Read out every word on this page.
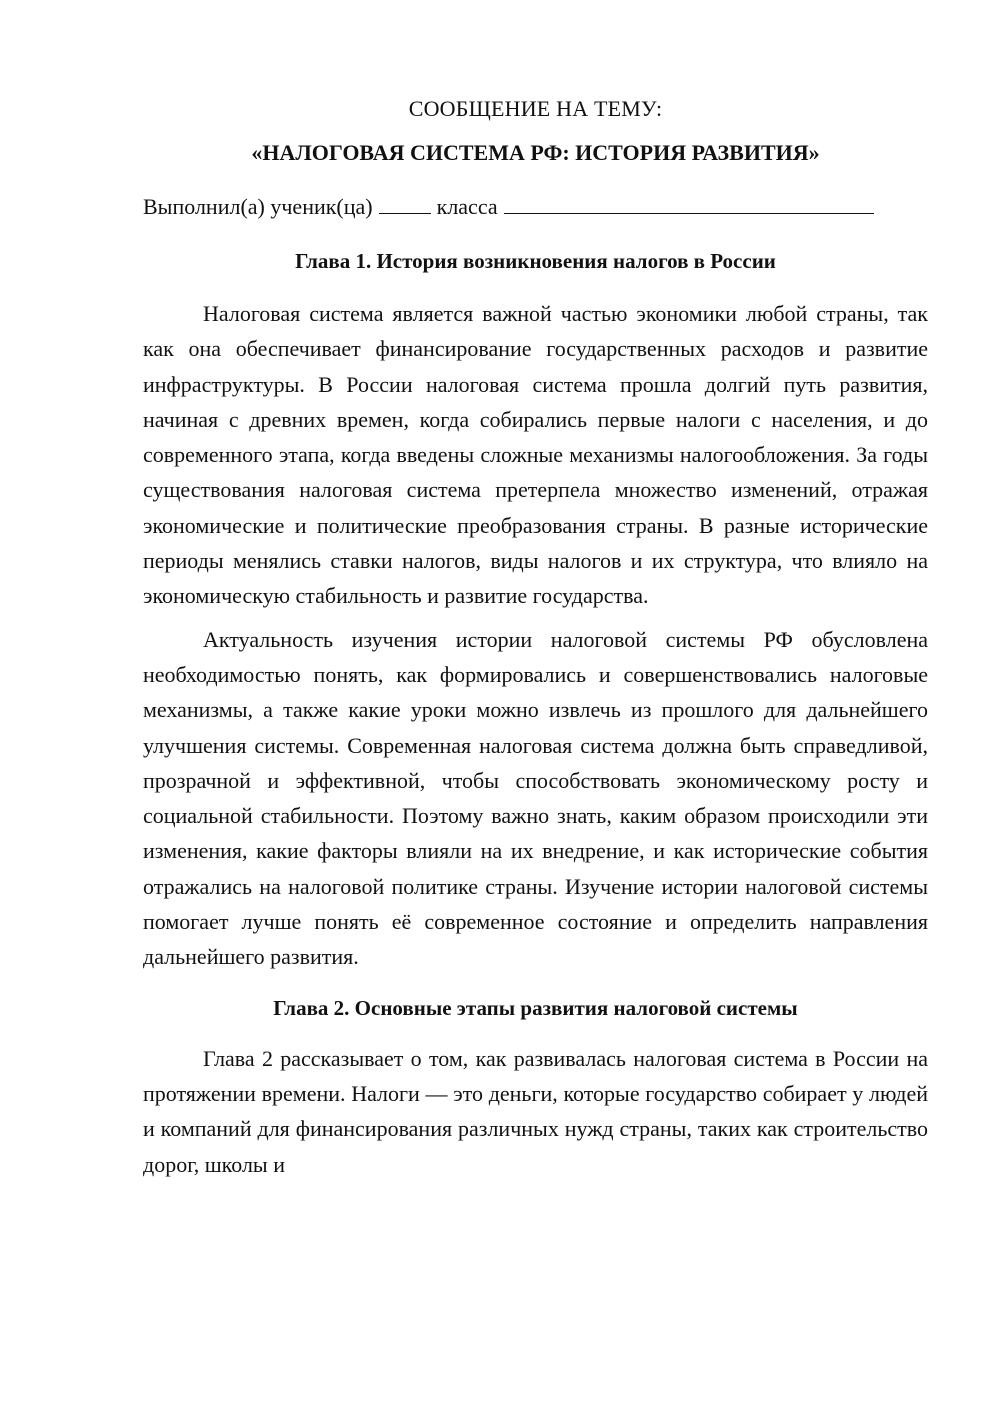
СООБЩЕНИЕ НА ТЕМУ:

«НАЛОГОВАЯ СИСТЕМА РФ: ИСТОРИЯ РАЗВИТИЯ»

Выполнил(а) ученик(ца)	класса

Глава 1. История возникновения налогов в России

Налоговая система является важной частью экономики любой страны, так как она обеспечивает финансирование государственных расходов и развитие инфраструктуры. В России налоговая система прошла долгий путь развития, начиная с древних времен, когда собирались первые налоги с населения, и до современного этапа, когда введены сложные механизмы налогообложения. За годы существования налоговая система претерпела множество изменений, отражая экономические и политические преобразования страны. В разные исторические периоды менялись ставки налогов, виды налогов и их структура, что влияло на экономическую стабильность и развитие государства.

Актуальность изучения истории налоговой системы РФ обусловлена необходимостью понять, как формировались и совершенствовались налоговые механизмы, а также какие уроки можно извлечь из прошлого для дальнейшего улучшения системы. Современная налоговая система должна быть справедливой, прозрачной и эффективной, чтобы способствовать экономическому росту и социальной стабильности. Поэтому важно знать, каким образом происходили эти изменения, какие факторы влияли на их внедрение, и как исторические события отражались на налоговой политике страны. Изучение истории налоговой системы помогает лучше понять её современное состояние и определить направления дальнейшего развития.

Глава 2. Основные этапы развития налоговой системы

Глава 2 рассказывает о том, как развивалась налоговая система в России на протяжении времени. Налоги — это деньги, которые государство собирает у людей и компаний для финансирования различных нужд страны, таких как строительство дорог, школы и
